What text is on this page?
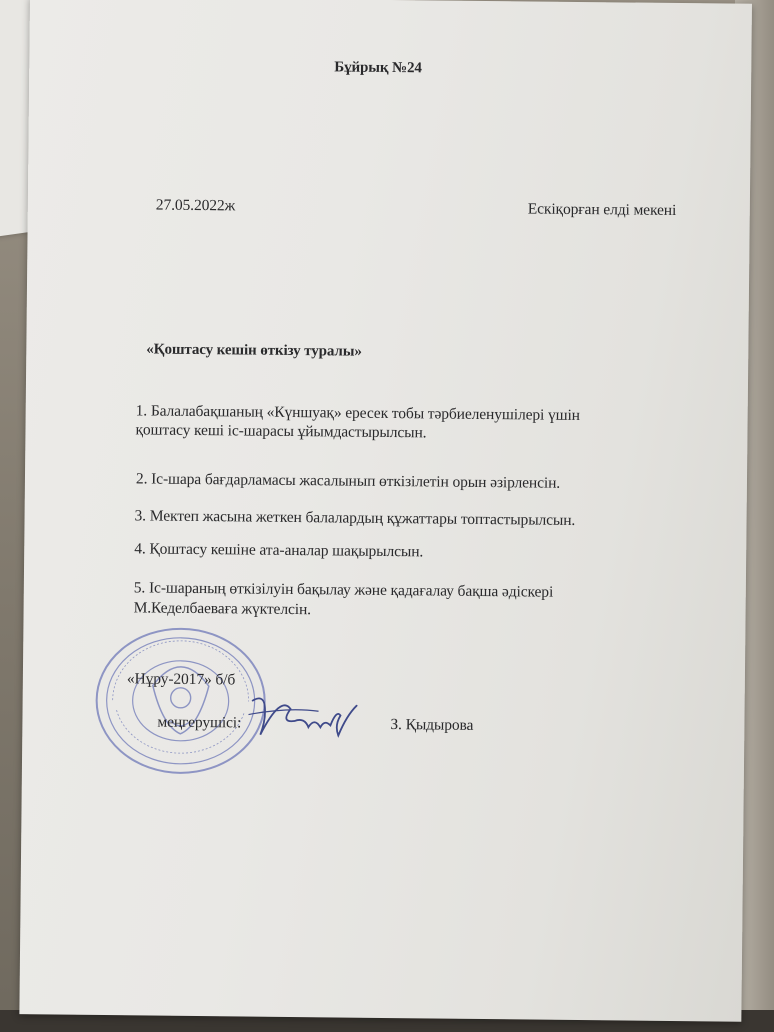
Бұйрық №24
27.05.2022ж	Ескіқорған елді мекені
«Қоштасу кешін өткізу туралы»
1. Балалабақшаның «Күншуақ» ересек тобы тәрбиеленушілері үшін
қоштасу кеші іс-шарасы ұйымдастырылсын.
2. Іс-шара бағдарламасы жасалынып өткізілетін орын әзірленсін.
3. Мектеп жасына жеткен балалардың құжаттары топтастырылсын.
4. Қоштасу кешіне ата-аналар шақырылсын.
5. Іс-шараның өткізілуін бақылау және қадағалау бақша әдіскері
М.Кеделбаеваға жүктелсін.
«Нұру-2017» б/б
меңгерушісі:	З. Қыдырова
